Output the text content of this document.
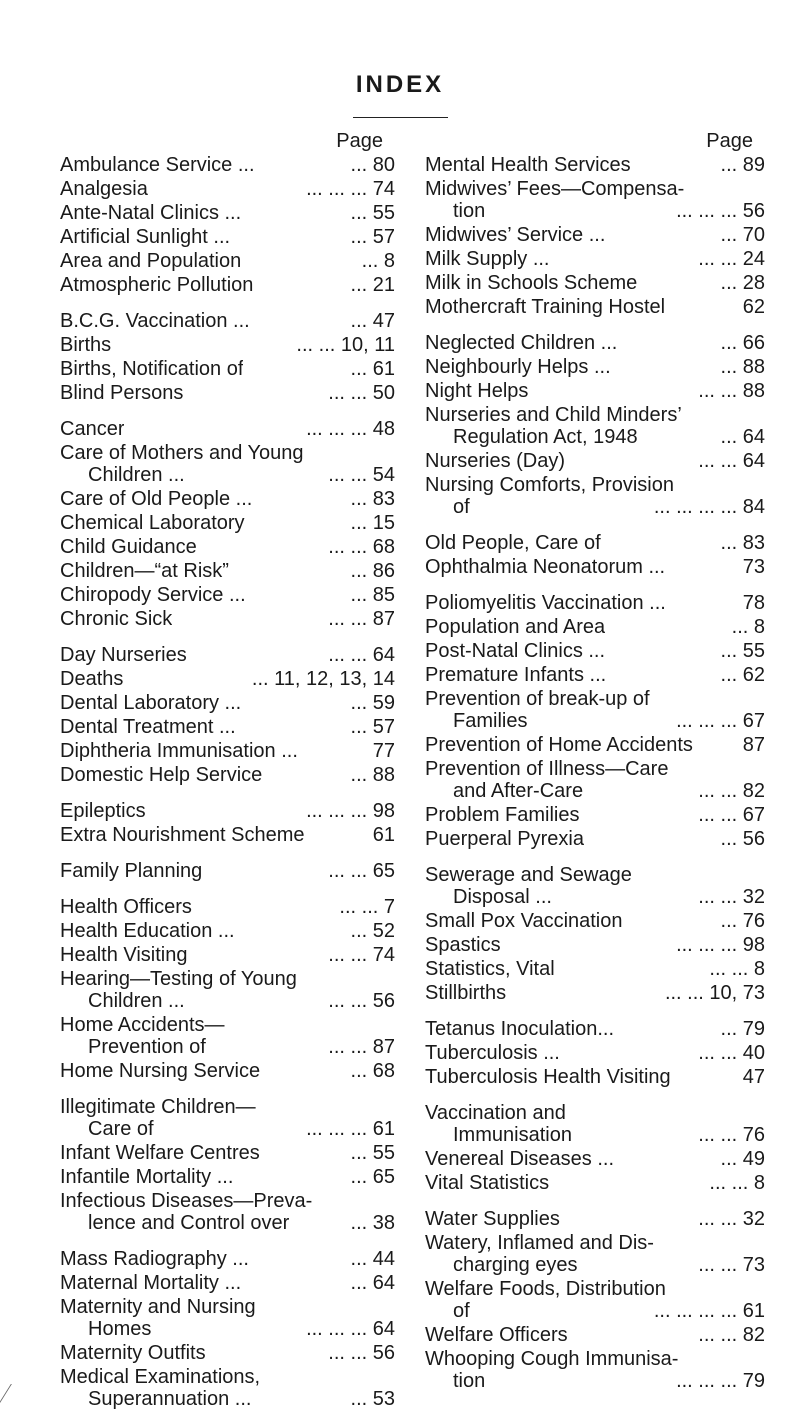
INDEX
Page
Ambulance Service ...	... 80
Analgesia	... ... ... 74
Ante-Natal Clinics ...	... 55
Artificial Sunlight ...	... 57
Area and Population	... 8
Atmospheric Pollution	... 21
B.C.G. Vaccination ...	... 47
Births	... ... 10, 11
Births, Notification of	... 61
Blind Persons	... ... 50
Cancer	... ... ... 48
Care of Mothers and Young
Children ...	... ... 54
Care of Old People ...	... 83
Chemical Laboratory	... 15
Child Guidance	... ... 68
Children—“at Risk”	... 86
Chiropody Service ...	... 85
Chronic Sick	... ... 87
Day Nurseries	... ... 64
Deaths	... 11, 12, 13, 14
Dental Laboratory ...	... 59
Dental Treatment ...	... 57
Diphtheria Immunisation ...	77
Domestic Help Service	... 88
Epileptics	... ... ... 98
Extra Nourishment Scheme	61
Family Planning	... ... 65
Health Officers	... ... 7
Health Education ...	... 52
Health Visiting	... ... 74
Hearing—Testing of Young
Children ...	... ... 56
Home Accidents—
Prevention of	... ... 87
Home Nursing Service	... 68
Illegitimate Children—
Care of	... ... ... 61
Infant Welfare Centres	... 55
Infantile Mortality ...	... 65
Infectious Diseases—Preva-
lence and Control over	... 38
Mass Radiography ...	... 44
Maternal Mortality ...	... 64
Maternity and Nursing
Homes	... ... ... 64
Maternity Outfits	... ... 56
Medical Examinations,
Superannuation ...	... 53
Page
Mental Health Services	... 89
Midwives’ Fees—Compensa-
tion	... ... ... 56
Midwives’ Service ...	... 70
Milk Supply ...	... ... 24
Milk in Schools Scheme	... 28
Mothercraft Training Hostel	62
Neglected Children ...	... 66
Neighbourly Helps ...	... 88
Night Helps	... ... 88
Nurseries and Child Minders’
Regulation Act, 1948	... 64
Nurseries (Day)	... ... 64
Nursing Comforts, Provision
of	... ... ... ... 84
Old People, Care of	... 83
Ophthalmia Neonatorum ...	73
Poliomyelitis Vaccination ...	78
Population and Area	... 8
Post-Natal Clinics ...	... 55
Premature Infants ...	... 62
Prevention of break-up of
Families	... ... ... 67
Prevention of Home Accidents	87
Prevention of Illness—Care
and After-Care	... ... 82
Problem Families	... ... 67
Puerperal Pyrexia	... 56
Sewerage and Sewage
Disposal ...	... ... 32
Small Pox Vaccination	... 76
Spastics	... ... ... 98
Statistics, Vital	... ... 8
Stillbirths	... ... 10, 73
Tetanus Inoculation...	... 79
Tuberculosis ...	... ... 40
Tuberculosis Health Visiting	47
Vaccination and
Immunisation	... ... 76
Venereal Diseases ...	... 49
Vital Statistics	... ... 8
Water Supplies	... ... 32
Watery, Inflamed and Dis-
charging eyes	... ... 73
Welfare Foods, Distribution
of	... ... ... ... 61
Welfare Officers	... ... 82
Whooping Cough Immunisa-
tion	... ... ... 79
